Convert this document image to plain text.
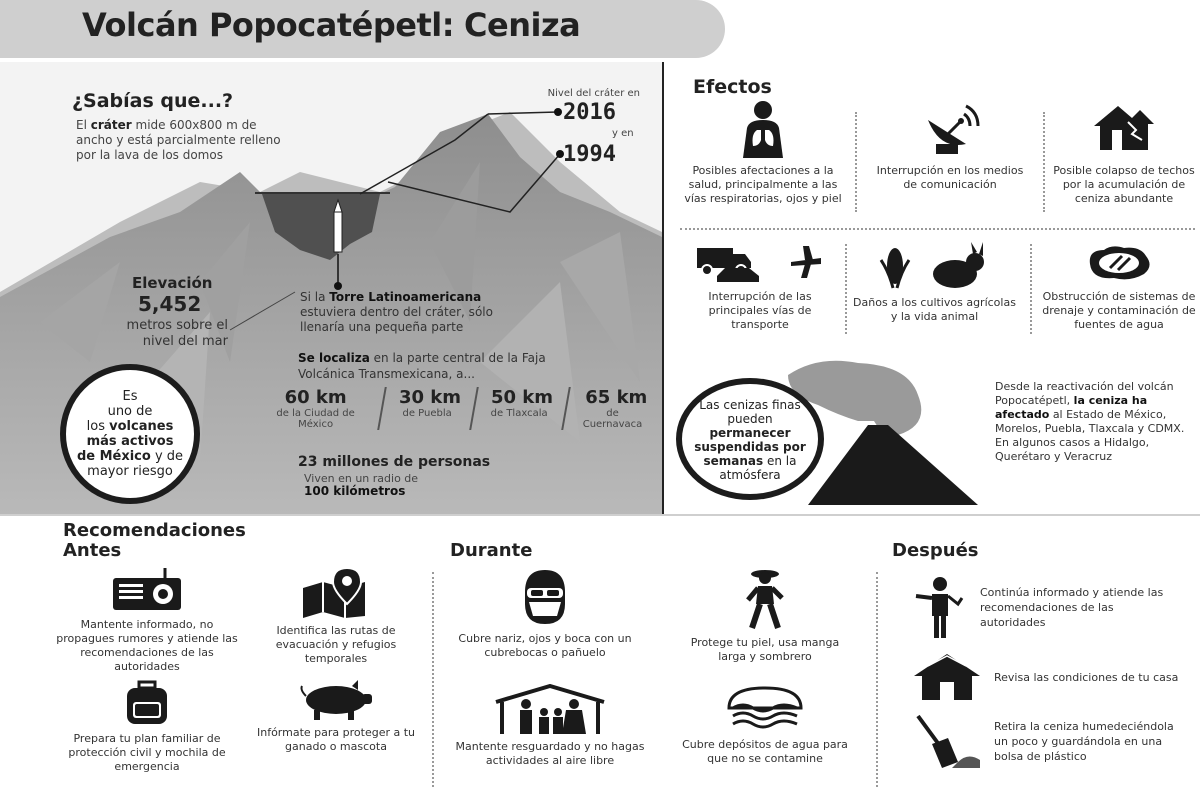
Volcán Popocatépetl: Ceniza
¿Sabías que...?
El cráter mide 600x800 m de ancho y está parcialmente relleno por la lava de los domos
Nivel del cráter en
2016
y en
1994
Elevación
5,452
metros sobre el nivel del mar
Si la Torre Latinoamericana estuviera dentro del cráter, sólo llenaría una pequeña parte
Se localiza en la parte central de la Faja Volcánica Transmexicana, a...
60 km
de la Ciudad de México
30 km
de Puebla
50 km
de Tlaxcala
65 km
de Cuernavaca
23 millones de personas
Viven en un radio de
100 kilómetros
Es
uno de
los volcanes más activos de México y de mayor riesgo
Efectos
Posibles afectaciones a la salud, principalmente a las vías respiratorias, ojos y piel
Interrupción en los medios de comunicación
Posible colapso de techos por la acumulación de ceniza abundante
Interrupción de las principales vías de transporte
Daños a los cultivos agrícolas y la vida animal
Obstrucción de sistemas de drenaje y contaminación de fuentes de agua
Las cenizas finas pueden
permanecer suspendidas por semanas en la atmósfera
Desde la reactivación del volcán Popocatépetl, la ceniza ha afectado al Estado de México, Morelos, Puebla, Tlaxcala y CDMX.
En algunos casos a Hidalgo, Querétaro y Veracruz
Recomendaciones
Antes	Durante	Después
Mantente informado, no propagues rumores y atiende las recomendaciones de las autoridades
Identifica las rutas de evacuación y refugios temporales
Prepara tu plan familiar de protección civil y mochila de emergencia
Infórmate para proteger a tu ganado o mascota
Cubre nariz, ojos y boca con un cubrebocas o pañuelo
Protege tu piel, usa manga larga y sombrero
Mantente resguardado y no hagas actividades al aire libre
Cubre depósitos de agua para que no se contamine
Continúa informado y atiende las recomendaciones de las autoridades
Revisa las condiciones de tu casa
Retira la ceniza humedeciéndola un poco y guardándola en una bolsa de plástico
